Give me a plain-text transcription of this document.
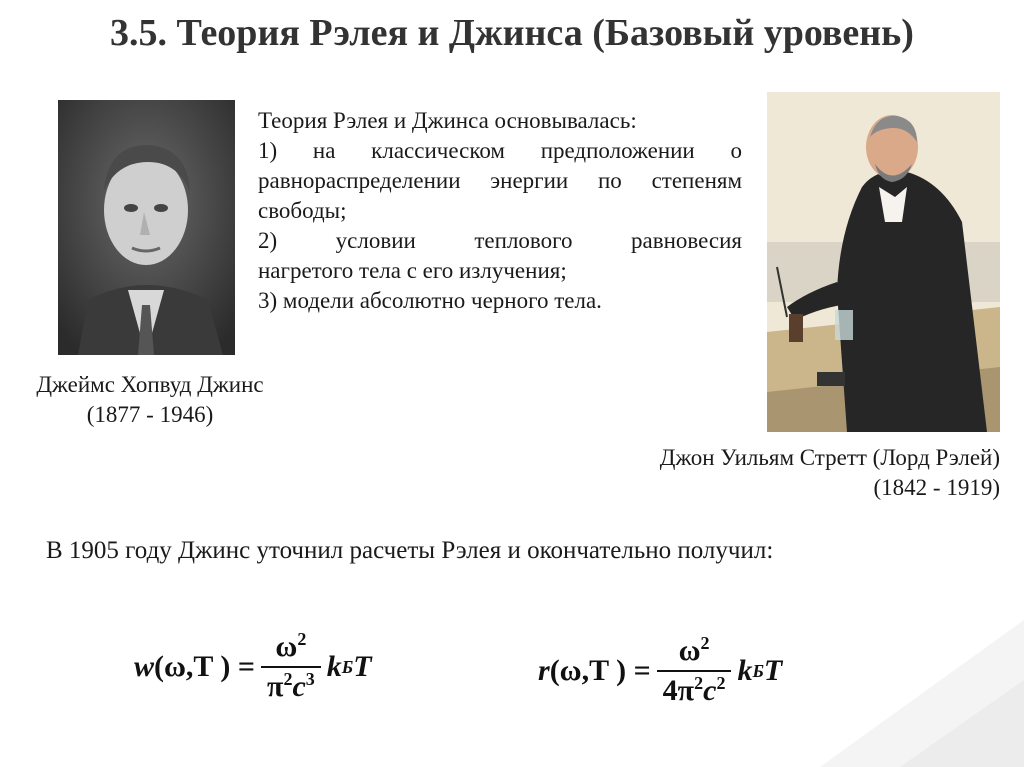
3.5. Теория Рэлея и Джинса (Базовый уровень)

Теория Рэлея и Джинса основывалась:

1) на классическом предположении о равнораспределении энергии по степеням свободы;

2) условии теплового равновесия

нагретого тела с его излучения;

3) модели абсолютно черного тела.

Джеймс Хопвуд Джинс
(1877 - 1946)
Джон Уильям Стретт (Лорд Рэлей)
(1842 - 1919)
В 1905 году Джинс уточнил расчеты Рэлея и окончательно получил:
w (ω,T ) = $\frac{\omega^2}{\pi^2c^3}$ k Б T	r (ω,T ) = $\frac{\omega^2}{4\pi^2c^2}$ k Б T
